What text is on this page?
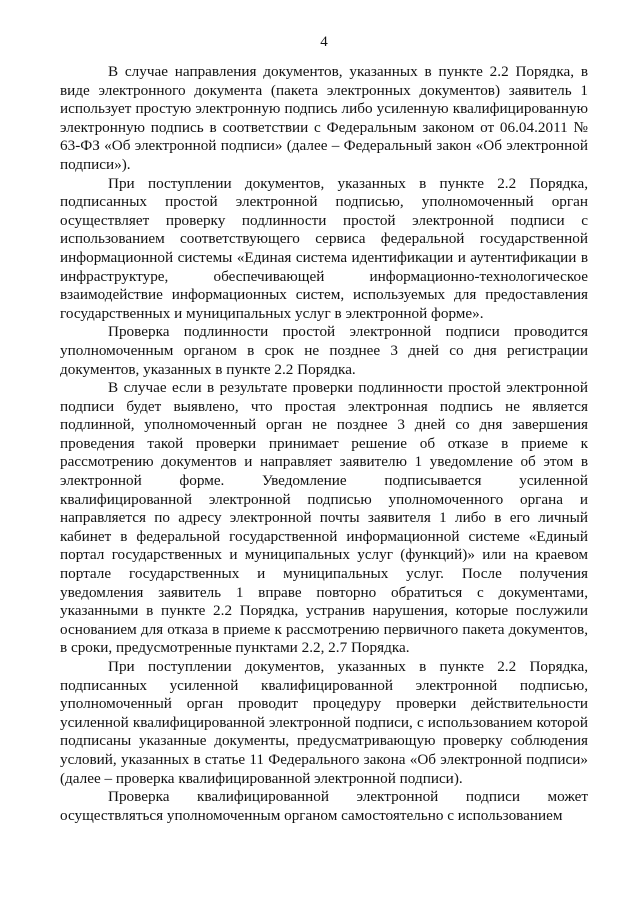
4

В случае направления документов, указанных в пункте 2.2 Порядка, в виде электронного документа (пакета электронных документов) заявитель 1 использует простую электронную подпись либо усиленную квалифицированную электронную подпись в соответствии с Федеральным законом от 06.04.2011 № 63-ФЗ «Об электронной подписи» (далее – Федеральный закон «Об электронной подписи»).

При поступлении документов, указанных в пункте 2.2 Порядка, подписанных простой электронной подписью, уполномоченный орган осуществляет проверку подлинности простой электронной подписи с использованием соответствующего сервиса федеральной государственной информационной системы «Единая система идентификации и аутентификации в инфраструктуре, обеспечивающей информационно-технологическое взаимодействие информационных систем, используемых для предоставления государственных и муниципальных услуг в электронной форме».

Проверка подлинности простой электронной подписи проводится уполномоченным органом в срок не позднее 3 дней со дня регистрации документов, указанных в пункте 2.2 Порядка.

В случае если в результате проверки подлинности простой электронной подписи будет выявлено, что простая электронная подпись не является подлинной, уполномоченный орган не позднее 3 дней со дня завершения проведения такой проверки принимает решение об отказе в приеме к рассмотрению документов и направляет заявителю 1 уведомление об этом в электронной форме. Уведомление подписывается усиленной квалифицированной электронной подписью уполномоченного органа и направляется по адресу электронной почты заявителя 1 либо в его личный кабинет в федеральной государственной информационной системе «Единый портал государственных и муниципальных услуг (функций)» или на краевом портале государственных и муниципальных услуг. После получения уведомления заявитель 1 вправе повторно обратиться с документами, указанными в пункте 2.2 Порядка, устранив нарушения, которые послужили основанием для отказа в приеме к рассмотрению первичного пакета документов, в сроки, предусмотренные пунктами 2.2, 2.7 Порядка.

При поступлении документов, указанных в пункте 2.2 Порядка, подписанных усиленной квалифицированной электронной подписью, уполномоченный орган проводит процедуру проверки действительности усиленной квалифицированной электронной подписи, с использованием которой подписаны указанные документы, предусматривающую проверку соблюдения условий, указанных в статье 11 Федерального закона «Об электронной подписи» (далее – проверка квалифицированной электронной подписи).

Проверка квалифицированной электронной подписи может осуществляться уполномоченным органом самостоятельно с использованием
